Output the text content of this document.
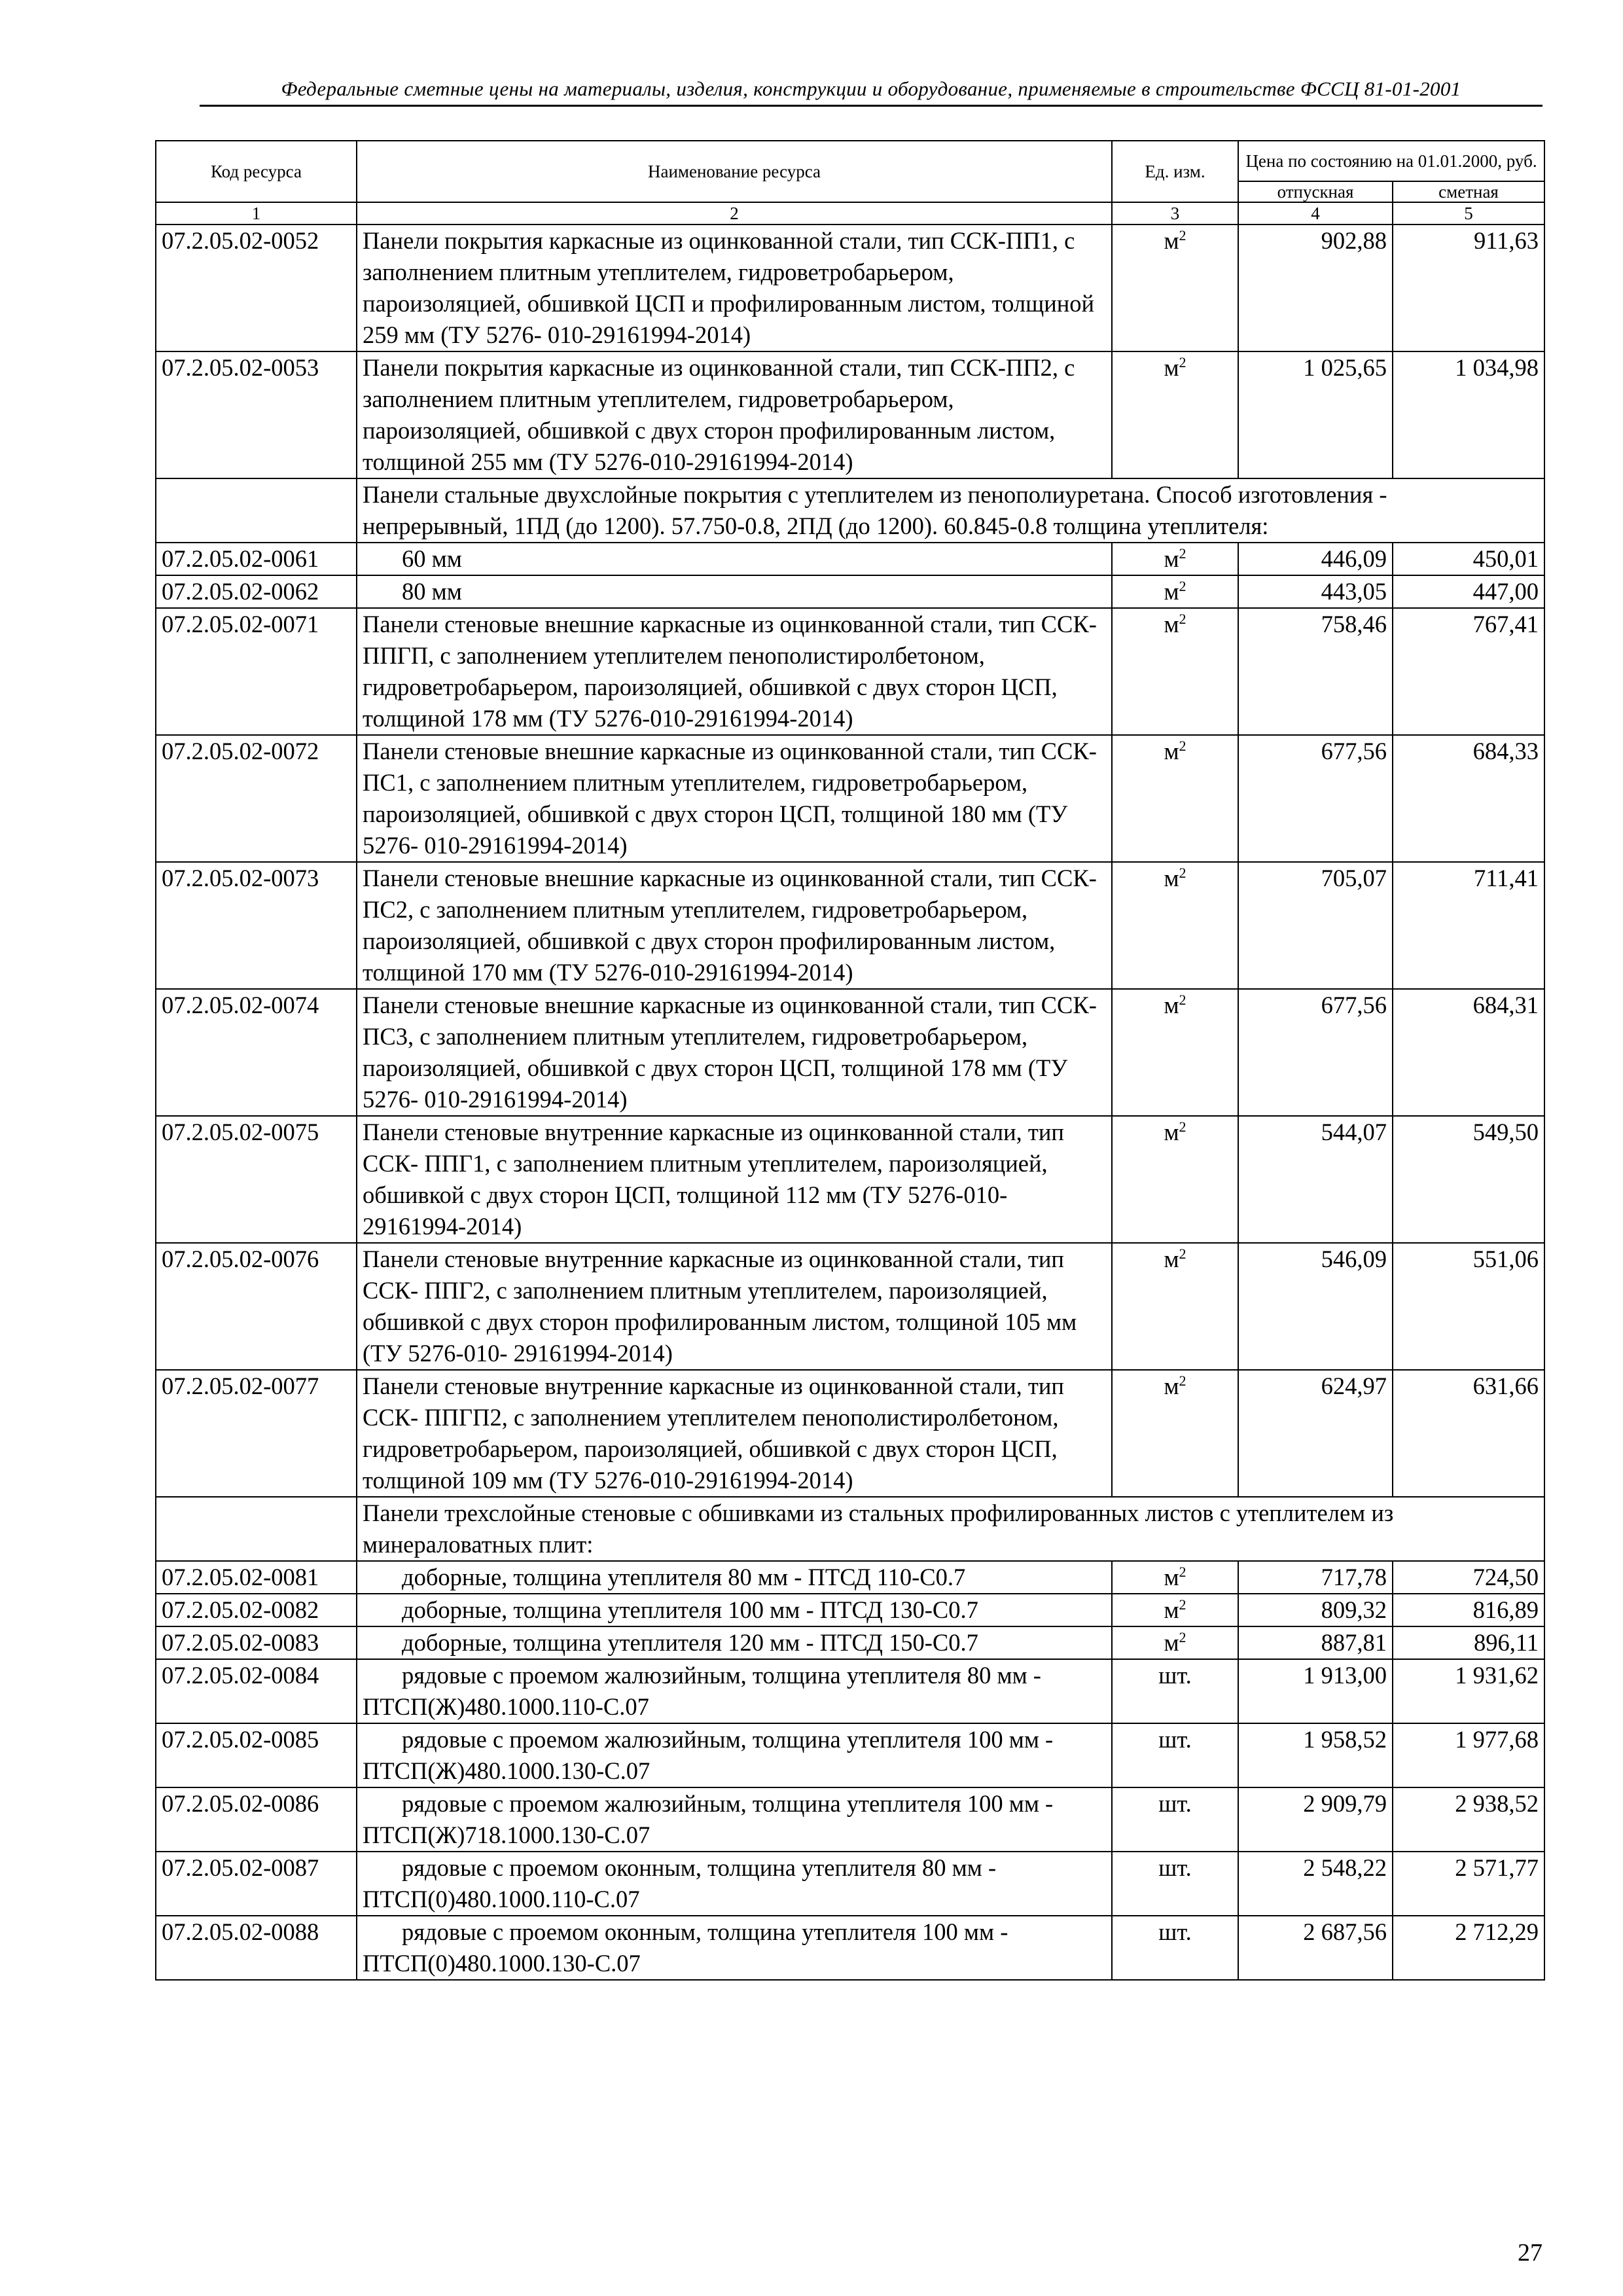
Федеральные сметные цены на материалы, изделия, конструкции и оборудование, применяемые в строительстве ФССЦ 81-01-2001
Код ресурса	Наименование ресурса	Ед. изм.	Цена по состоянию на 01.01.2000, руб.	
			отпускная	сметная
1	2	3	4	5
07.2.05.02-0052	Панели покрытия каркасные из оцинкованной стали, тип ССК-ПП1, с заполнением плитным утеплителем, гидроветробарьером, пароизоляцией, обшивкой ЦСП и профилированным листом, толщиной 259 мм (ТУ 5276- 010-29161994-2014)	$м^2$	902,88	911,63
07.2.05.02-0053	Панели покрытия каркасные из оцинкованной стали, тип ССК-ПП2, с заполнением плитным утеплителем, гидроветробарьером, пароизоляцией, обшивкой с двух сторон профилированным листом, толщиной 255 мм (ТУ 5276-010-29161994-2014)	$м^2$	1 025,65	1 034,98
	Панели стальные двухслойные покрытия с утеплителем из пенополиуретана. Способ изготовления - непрерывный, 1ПД (до 1200). 57.750-0.8, 2ПД (до 1200). 60.845-0.8 толщина утеплителя:			
07.2.05.02-0061	60 мм	$м^2$	446,09	450,01
07.2.05.02-0062	80 мм	$м^2$	443,05	447,00
07.2.05.02-0071	Панели стеновые внешние каркасные из оцинкованной стали, тип ССК- ППГП, с заполнением утеплителем пенополистиролбетоном, гидроветробарьером, пароизоляцией, обшивкой с двух сторон ЦСП, толщиной 178 мм (ТУ 5276-010-29161994-2014)	$м^2$	758,46	767,41
07.2.05.02-0072	Панели стеновые внешние каркасные из оцинкованной стали, тип ССК- ПС1, с заполнением плитным утеплителем, гидроветробарьером, пароизоляцией, обшивкой с двух сторон ЦСП, толщиной 180 мм (ТУ 5276- 010-29161994-2014)	$м^2$	677,56	684,33
07.2.05.02-0073	Панели стеновые внешние каркасные из оцинкованной стали, тип ССК- ПС2, с заполнением плитным утеплителем, гидроветробарьером, пароизоляцией, обшивкой с двух сторон профилированным листом, толщиной 170 мм (ТУ 5276-010-29161994-2014)	$м^2$	705,07	711,41
07.2.05.02-0074	Панели стеновые внешние каркасные из оцинкованной стали, тип ССК- ПС3, с заполнением плитным утеплителем, гидроветробарьером, пароизоляцией, обшивкой с двух сторон ЦСП, толщиной 178 мм (ТУ 5276- 010-29161994-2014)	$м^2$	677,56	684,31
07.2.05.02-0075	Панели стеновые внутренние каркасные из оцинкованной стали, тип ССК- ППГ1, с заполнением плитным утеплителем, пароизоляцией, обшивкой с двух сторон ЦСП, толщиной 112 мм (ТУ 5276-010-29161994-2014)	$м^2$	544,07	549,50
07.2.05.02-0076	Панели стеновые внутренние каркасные из оцинкованной стали, тип ССК- ППГ2, с заполнением плитным утеплителем, пароизоляцией, обшивкой с двух сторон профилированным листом, толщиной 105 мм (ТУ 5276-010- 29161994-2014)	$м^2$	546,09	551,06
07.2.05.02-0077	Панели стеновые внутренние каркасные из оцинкованной стали, тип ССК- ППГП2, с заполнением утеплителем пенополистиролбетоном, гидроветробарьером, пароизоляцией, обшивкой с двух сторон ЦСП, толщиной 109 мм (ТУ 5276-010-29161994-2014)	$м^2$	624,97	631,66
	Панели трехслойные стеновые с обшивками из стальных профилированных листов с утеплителем из минераловатных плит:			
07.2.05.02-0081	доборные, толщина утеплителя 80 мм - ПТСД 110-С0.7	$м^2$	717,78	724,50
07.2.05.02-0082	доборные, толщина утеплителя 100 мм - ПТСД 130-С0.7	$м^2$	809,32	816,89
07.2.05.02-0083	доборные, толщина утеплителя 120 мм - ПТСД 150-С0.7	$м^2$	887,81	896,11
07.2.05.02-0084	рядовые с проемом жалюзийным, толщина утеплителя 80 мм - ПТСП(Ж)480.1000.110-С.07	шт.	1 913,00	1 931,62
07.2.05.02-0085	рядовые с проемом жалюзийным, толщина утеплителя 100 мм - ПТСП(Ж)480.1000.130-С.07	шт.	1 958,52	1 977,68
07.2.05.02-0086	рядовые с проемом жалюзийным, толщина утеплителя 100 мм - ПТСП(Ж)718.1000.130-С.07	шт.	2 909,79	2 938,52
07.2.05.02-0087	рядовые с проемом оконным, толщина утеплителя 80 мм - ПТСП(0)480.1000.110-С.07	шт.	2 548,22	2 571,77
07.2.05.02-0088	рядовые с проемом оконным, толщина утеплителя 100 мм - ПТСП(0)480.1000.130-С.07	шт.	2 687,56	2 712,29
27
